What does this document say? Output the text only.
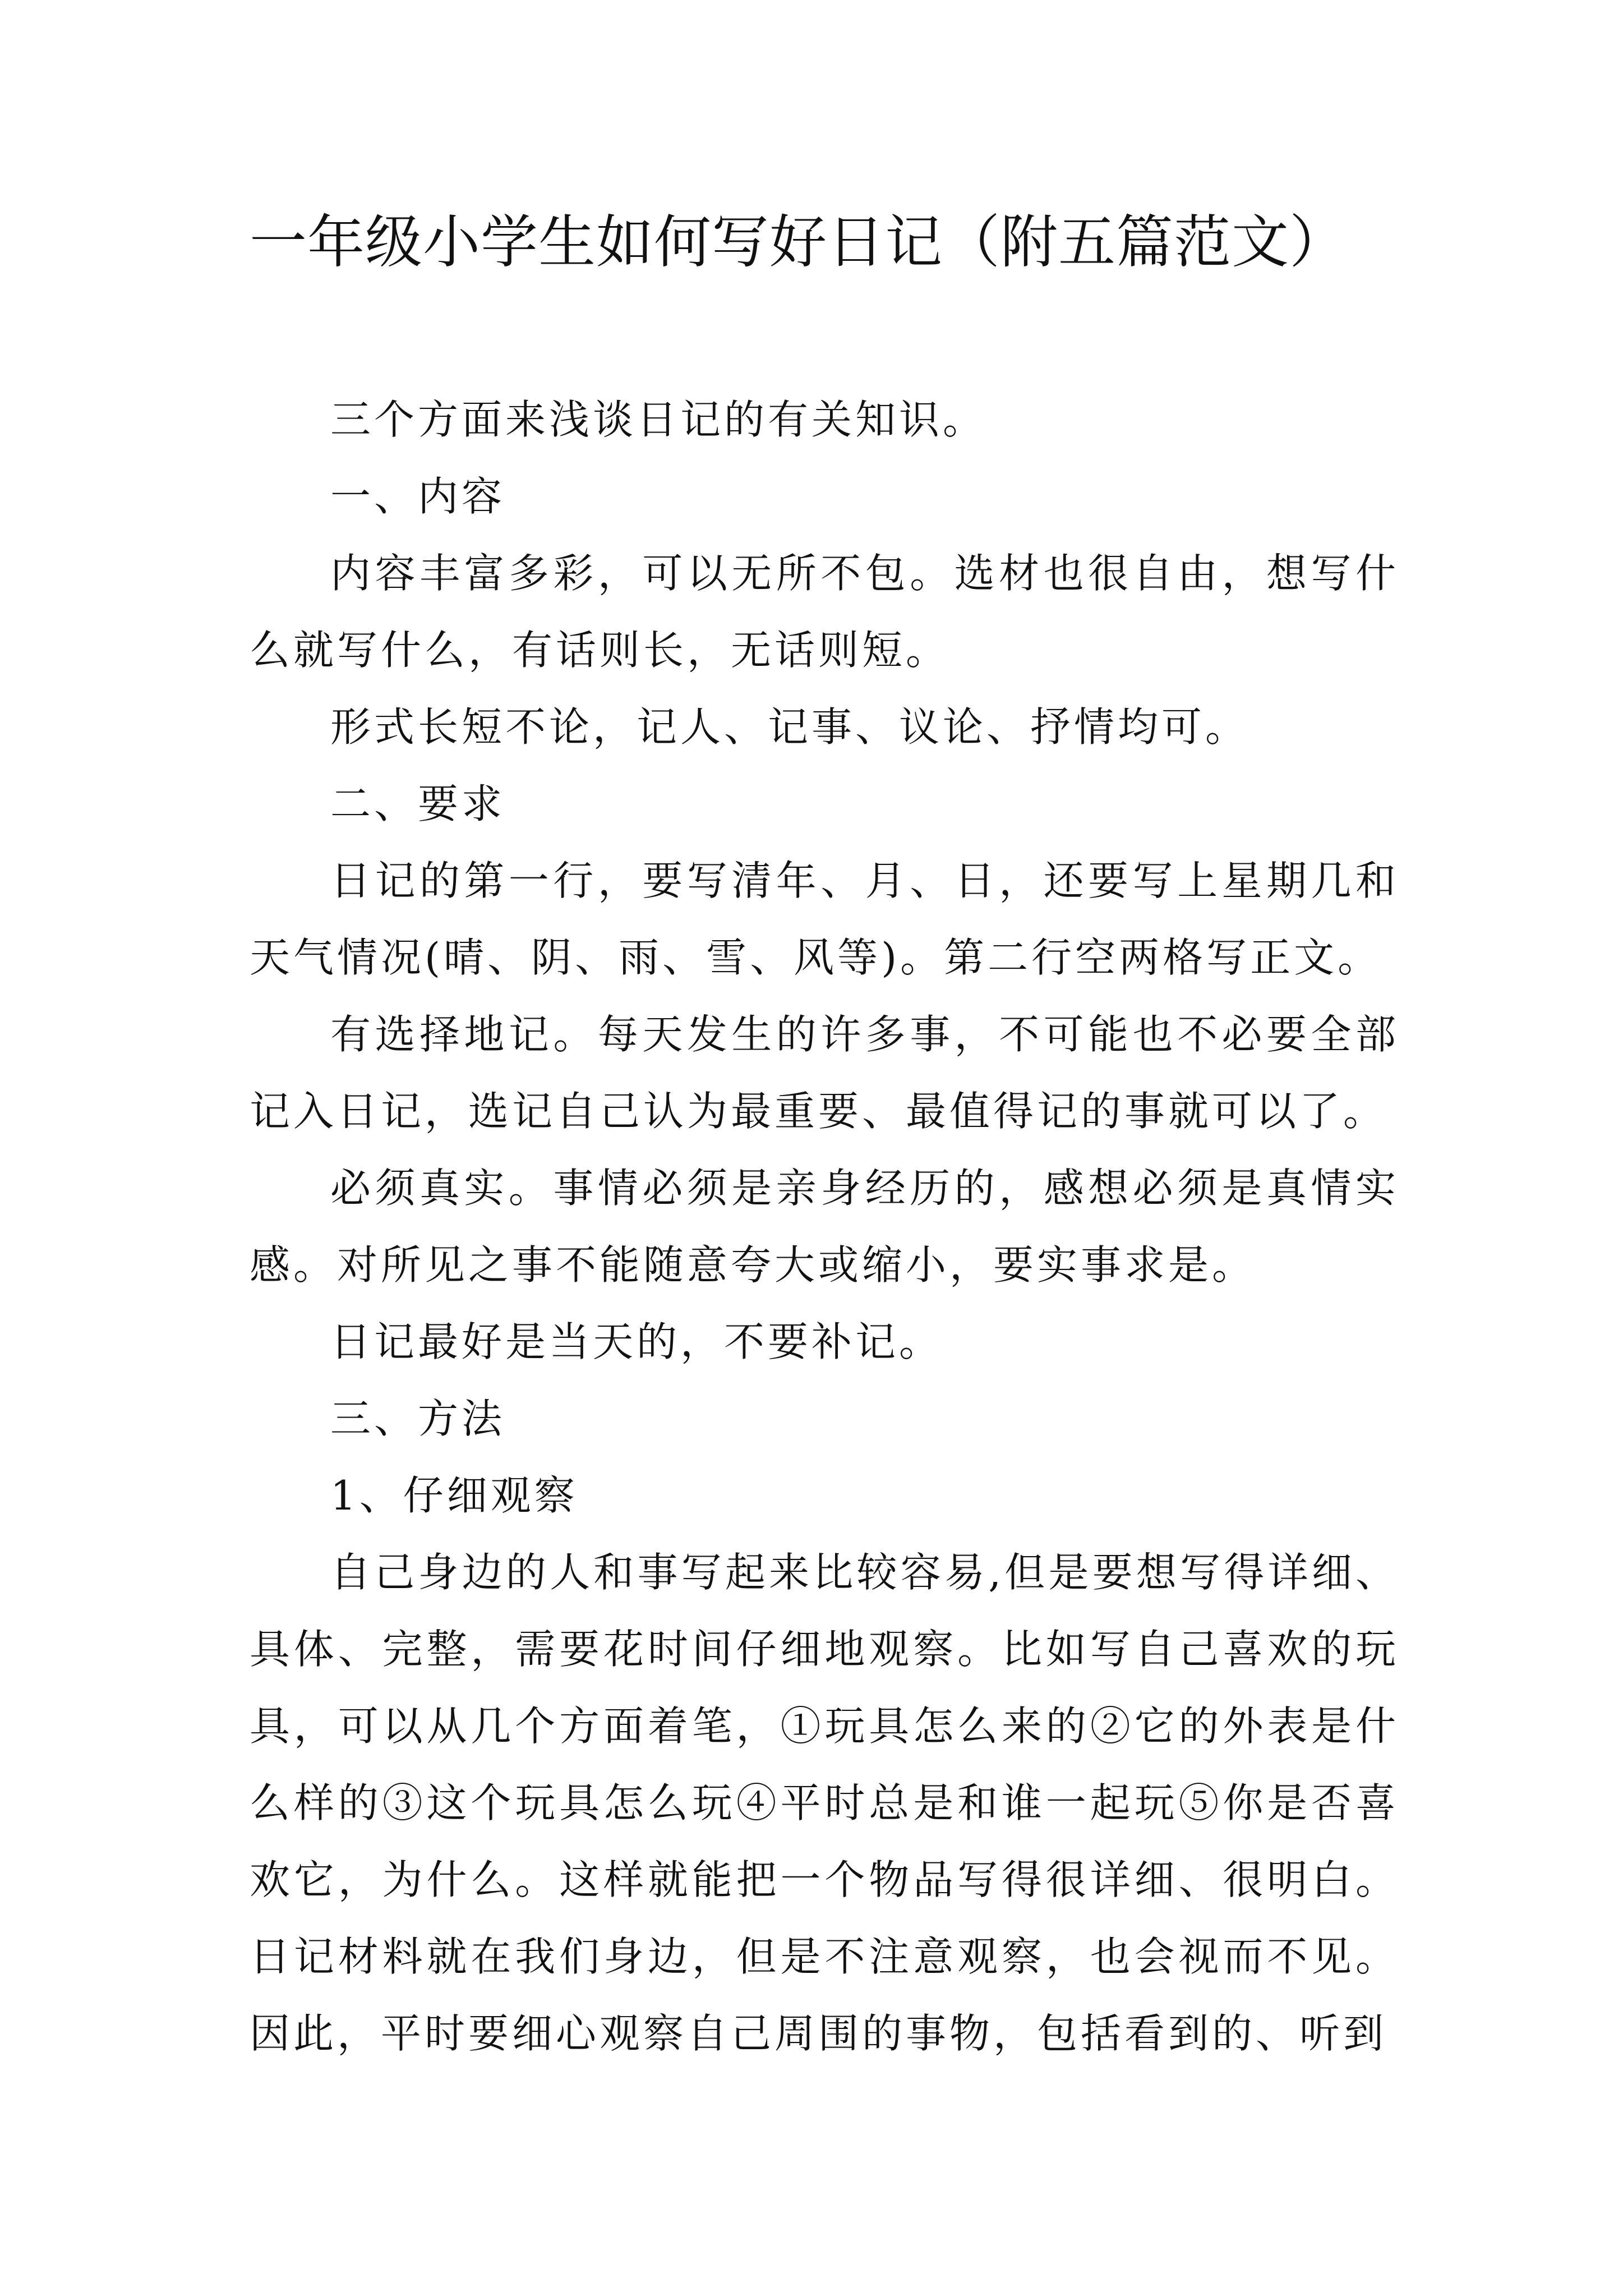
一年级小学生如何写好日记（附五篇范文）

三个方面来浅谈日记的有关知识。

一、内容

内容丰富多彩，可以无所不包。选材也很自由，想写什么就写什么，有话则长，无话则短。

形式长短不论，记人、记事、议论、抒情均可。

二、要求

日记的第一行，要写清年、月、日，还要写上星期几和天气情况(晴、阴、雨、雪、风等)。第二行空两格写正文。

有选择地记。每天发生的许多事，不可能也不必要全部记入日记，选记自己认为最重要、最值得记的事就可以了。

必须真实。事情必须是亲身经历的，感想必须是真情实感。对所见之事不能随意夸大或缩小，要实事求是。

日记最好是当天的，不要补记。

三、方法

1、仔细观察

自己身边的人和事写起来比较容易,但是要想写得详细、具体、完整，需要花时间仔细地观察。比如写自己喜欢的玩具，可以从几个方面着笔，①玩具怎么来的②它的外表是什么样的③这个玩具怎么玩④平时总是和谁一起玩⑤你是否喜欢它，为什么。这样就能把一个物品写得很详细、很明白。日记材料就在我们身边，但是不注意观察，也会视而不见。因此，平时要细心观察自己周围的事物，包括看到的、听到
